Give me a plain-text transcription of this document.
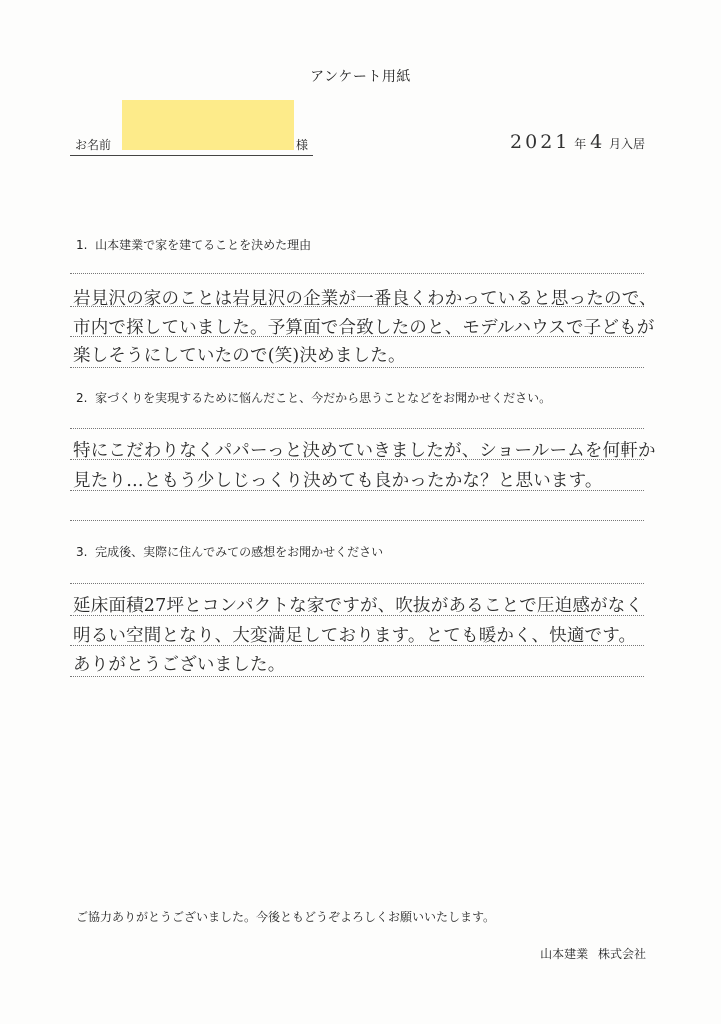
アンケート用紙
お名前	様	2021 年 4 月入居
1.  山本建業で家を建てることを決めた理由
岩見沢の家のことは岩見沢の企業が一番良くわかっていると思ったので、
市内で探していました。予算面で合致したのと、モデルハウスで子どもが
楽しそうにしていたので(笑)決めました。
2.  家づくりを実現するために悩んだこと、今だから思うことなどをお聞かせください。
特にこだわりなくパパーっと決めていきましたが、ショールームを何軒か
見たり…ともう少しじっくり決めても良かったかな？と思います。
3.  完成後、実際に住んでみての感想をお聞かせください
延床面積27坪とコンパクトな家ですが、吹抜があることで圧迫感がなく
明るい空間となり、大変満足しております。とても暖かく、快適です。
ありがとうございました。
ご協力ありがとうございました。今後ともどうぞよろしくお願いいたします。
山本建業 株式会社
